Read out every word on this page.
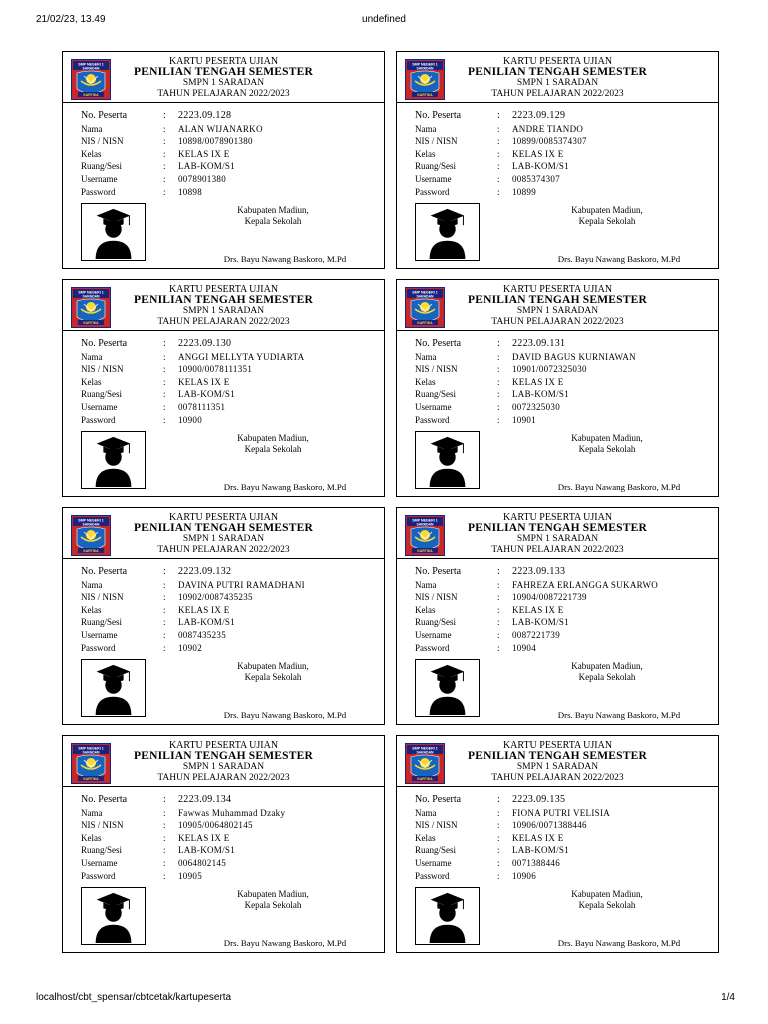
21/02/23, 13.49	undefined
SMP NEGERI 1
SARADAN
KARTIKA
KARTU PESERTA UJIAN
PENILIAN TENGAH SEMESTER
SMPN 1 SARADAN
TAHUN PELAJARAN 2022/2023
No. Peserta	: 2223.09.128
Nama	: ALAN WIJANARKO
NIS / NISN	: 10898/0078901380
Kelas	: KELAS IX E
Ruang/Sesi	: LAB-KOM/S1
Username	: 0078901380
Password	: 10898
Kabupaten Madiun,
Kepala Sekolah
Drs. Bayu Nawang Baskoro, M.Pd
SMP NEGERI 1
SARADAN
KARTIKA
KARTU PESERTA UJIAN
PENILIAN TENGAH SEMESTER
SMPN 1 SARADAN
TAHUN PELAJARAN 2022/2023
No. Peserta	: 2223.09.129
Nama	: ANDRE TIANDO
NIS / NISN	: 10899/0085374307
Kelas	: KELAS IX E
Ruang/Sesi	: LAB-KOM/S1
Username	: 0085374307
Password	: 10899
Kabupaten Madiun,
Kepala Sekolah
Drs. Bayu Nawang Baskoro, M.Pd
SMP NEGERI 1
SARADAN
KARTIKA
KARTU PESERTA UJIAN
PENILIAN TENGAH SEMESTER
SMPN 1 SARADAN
TAHUN PELAJARAN 2022/2023
No. Peserta	: 2223.09.130
Nama	: ANGGI MELLYTA YUDIARTA
NIS / NISN	: 10900/0078111351
Kelas	: KELAS IX E
Ruang/Sesi	: LAB-KOM/S1
Username	: 0078111351
Password	: 10900
Kabupaten Madiun,
Kepala Sekolah
Drs. Bayu Nawang Baskoro, M.Pd
SMP NEGERI 1
SARADAN
KARTIKA
KARTU PESERTA UJIAN
PENILIAN TENGAH SEMESTER
SMPN 1 SARADAN
TAHUN PELAJARAN 2022/2023
No. Peserta	: 2223.09.131
Nama	: DAVID BAGUS KURNIAWAN
NIS / NISN	: 10901/0072325030
Kelas	: KELAS IX E
Ruang/Sesi	: LAB-KOM/S1
Username	: 0072325030
Password	: 10901
Kabupaten Madiun,
Kepala Sekolah
Drs. Bayu Nawang Baskoro, M.Pd
SMP NEGERI 1
SARADAN
KARTIKA
KARTU PESERTA UJIAN
PENILIAN TENGAH SEMESTER
SMPN 1 SARADAN
TAHUN PELAJARAN 2022/2023
No. Peserta	: 2223.09.132
Nama	: DAVINA PUTRI RAMADHANI
NIS / NISN	: 10902/0087435235
Kelas	: KELAS IX E
Ruang/Sesi	: LAB-KOM/S1
Username	: 0087435235
Password	: 10902
Kabupaten Madiun,
Kepala Sekolah
Drs. Bayu Nawang Baskoro, M.Pd
SMP NEGERI 1
SARADAN
KARTIKA
KARTU PESERTA UJIAN
PENILIAN TENGAH SEMESTER
SMPN 1 SARADAN
TAHUN PELAJARAN 2022/2023
No. Peserta	: 2223.09.133
Nama	: FAHREZA ERLANGGA SUKARWO
NIS / NISN	: 10904/0087221739
Kelas	: KELAS IX E
Ruang/Sesi	: LAB-KOM/S1
Username	: 0087221739
Password	: 10904
Kabupaten Madiun,
Kepala Sekolah
Drs. Bayu Nawang Baskoro, M.Pd
SMP NEGERI 1
SARADAN
KARTIKA
KARTU PESERTA UJIAN
PENILIAN TENGAH SEMESTER
SMPN 1 SARADAN
TAHUN PELAJARAN 2022/2023
No. Peserta	: 2223.09.134
Nama	: Fawwas Muhammad Dzaky
NIS / NISN	: 10905/0064802145
Kelas	: KELAS IX E
Ruang/Sesi	: LAB-KOM/S1
Username	: 0064802145
Password	: 10905
Kabupaten Madiun,
Kepala Sekolah
Drs. Bayu Nawang Baskoro, M.Pd
SMP NEGERI 1
SARADAN
KARTIKA
KARTU PESERTA UJIAN
PENILIAN TENGAH SEMESTER
SMPN 1 SARADAN
TAHUN PELAJARAN 2022/2023
No. Peserta	: 2223.09.135
Nama	: FIONA PUTRI VELISIA
NIS / NISN	: 10906/0071388446
Kelas	: KELAS IX E
Ruang/Sesi	: LAB-KOM/S1
Username	: 0071388446
Password	: 10906
Kabupaten Madiun,
Kepala Sekolah
Drs. Bayu Nawang Baskoro, M.Pd
localhost/cbt_spensar/cbtcetak/kartupeserta	1/4
